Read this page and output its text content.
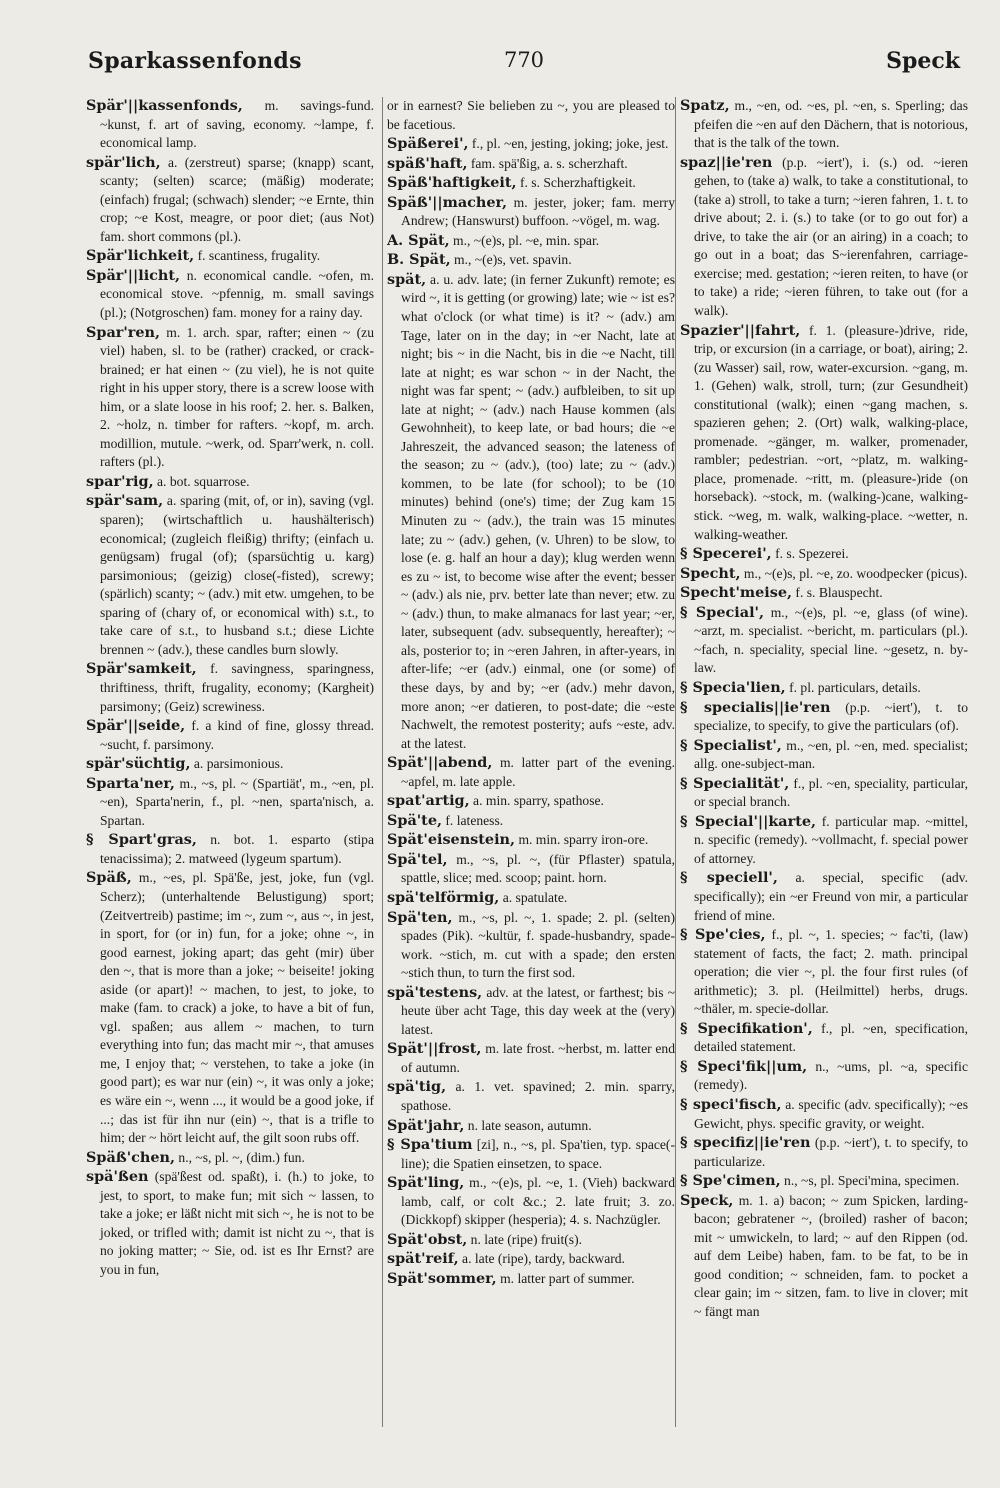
Sparkassenfonds	770	Speck

Spär'||kassenfonds, m. savings-fund. ~kunst, f. art of saving, economy. ~lampe, f. economical lamp.

spär'lich, a. (zerstreut) sparse; (knapp) scant, scanty; (selten) scarce; (mäßig) moderate; (einfach) frugal; (schwach) slender; ~e Ernte, thin crop; ~e Kost, meagre, or poor diet; (aus Not) fam. short commons (pl.).

Spär'lichkeit, f. scantiness, frugality.

Spär'||licht, n. economical candle. ~ofen, m. economical stove. ~pfennig, m. small savings (pl.); (Notgroschen) fam. money for a rainy day.

Spar'ren, m. 1. arch. spar, rafter; einen ~ (zu viel) haben, sl. to be (rather) cracked, or crack-brained; er hat einen ~ (zu viel), he is not quite right in his upper story, there is a screw loose with him, or a slate loose in his roof; 2. her. s. Balken, 2. ~holz, n. timber for rafters. ~kopf, m. arch. modillion, mutule. ~werk, od. Sparr'werk, n. coll. rafters (pl.).

spar'rig, a. bot. squarrose.

spär'sam, a. sparing (mit, of, or in), saving (vgl. sparen); (wirtschaftlich u. haushälterisch) economical; (zugleich fleißig) thrifty; (einfach u. genügsam) frugal (of); (sparsüchtig u. karg) parsimonious; (geizig) close(-fisted), screwy; (spärlich) scanty; ~ (adv.) mit etw. umgehen, to be sparing of (chary of, or economical with) s.t., to take care of s.t., to husband s.t.; diese Lichte brennen ~ (adv.), these candles burn slowly.

Spär'samkeit, f. savingness, sparingness, thriftiness, thrift, frugality, economy; (Kargheit) parsimony; (Geiz) screwiness.

Spär'||seide, f. a kind of fine, glossy thread. ~sucht, f. parsimony.

spär'süchtig, a. parsimonious.

Sparta'ner, m., ~s, pl. ~ (Spartiät', m., ~en, pl. ~en), Sparta'nerin, f., pl. ~nen, sparta'nisch, a. Spartan.

§ Spart'gras, n. bot. 1. esparto (stipa tenacissima); 2. matweed (lygeum spartum).

Späß, m., ~es, pl. Spä'ße, jest, joke, fun (vgl. Scherz); (unterhaltende Belustigung) sport; (Zeitvertreib) pastime; im ~, zum ~, aus ~, in jest, in sport, for (or in) fun, for a joke; ohne ~, in good earnest, joking apart; das geht (mir) über den ~, that is more than a joke; ~ beiseite! joking aside (or apart)! ~ machen, to jest, to joke, to make (fam. to crack) a joke, to have a bit of fun, vgl. spaßen; aus allem ~ machen, to turn everything into fun; das macht mir ~, that amuses me, I enjoy that; ~ verstehen, to take a joke (in good part); es war nur (ein) ~, it was only a joke; es wäre ein ~, wenn ..., it would be a good joke, if ...; das ist für ihn nur (ein) ~, that is a trifle to him; der ~ hört leicht auf, the gilt soon rubs off.

Späß'chen, n., ~s, pl. ~, (dim.) fun.

spä'ßen (spä'ßest od. spaßt), i. (h.) to joke, to jest, to sport, to make fun; mit sich ~ lassen, to take a joke; er läßt nicht mit sich ~, he is not to be joked, or trifled with; damit ist nicht zu ~, that is no joking matter; ~ Sie, od. ist es Ihr Ernst? are you in fun,

or in earnest? Sie belieben zu ~, you are pleased to be facetious.

Späßerei', f., pl. ~en, jesting, joking; joke, jest.

späß'haft, fam. spä'ßig, a. s. scherzhaft.

Späß'haftigkeit, f. s. Scherzhaftigkeit.

Späß'||macher, m. jester, joker; fam. merry Andrew; (Hanswurst) buffoon. ~vögel, m. wag.

A. Spät, m., ~(e)s, pl. ~e, min. spar.

B. Spät, m., ~(e)s, vet. spavin.

spät, a. u. adv. late; (in ferner Zukunft) remote; es wird ~, it is getting (or growing) late; wie ~ ist es? what o'clock (or what time) is it? ~ (adv.) am Tage, later on in the day; in ~er Nacht, late at night; bis ~ in die Nacht, bis in die ~e Nacht, till late at night; es war schon ~ in der Nacht, the night was far spent; ~ (adv.) aufbleiben, to sit up late at night; ~ (adv.) nach Hause kommen (als Gewohnheit), to keep late, or bad hours; die ~e Jahreszeit, the advanced season; the lateness of the season; zu ~ (adv.), (too) late; zu ~ (adv.) kommen, to be late (for school); to be (10 minutes) behind (one's) time; der Zug kam 15 Minuten zu ~ (adv.), the train was 15 minutes late; zu ~ (adv.) gehen, (v. Uhren) to be slow, to lose (e. g. half an hour a day); klug werden wenn es zu ~ ist, to become wise after the event; besser ~ (adv.) als nie, prv. better late than never; etw. zu ~ (adv.) thun, to make almanacs for last year; ~er, later, subsequent (adv. subsequently, hereafter); ~ als, posterior to; in ~eren Jahren, in after-years, in after-life; ~er (adv.) einmal, one (or some) of these days, by and by; ~er (adv.) mehr davon, more anon; ~er datieren, to post-date; die ~este Nachwelt, the remotest posterity; aufs ~este, adv. at the latest.

Spät'||abend, m. latter part of the evening. ~apfel, m. late apple.

spat'artig, a. min. sparry, spathose.

Spä'te, f. lateness.

Spät'eisenstein, m. min. sparry iron-ore.

Spä'tel, m., ~s, pl. ~, (für Pflaster) spatula, spattle, slice; med. scoop; paint. horn.

spä'telförmig, a. spatulate.

Spä'ten, m., ~s, pl. ~, 1. spade; 2. pl. (selten) spades (Pik). ~kultür, f. spade-husbandry, spade-work. ~stich, m. cut with a spade; den ersten ~stich thun, to turn the first sod.

spä'testens, adv. at the latest, or farthest; bis ~ heute über acht Tage, this day week at the (very) latest.

Spät'||frost, m. late frost. ~herbst, m. latter end of autumn.

spä'tig, a. 1. vet. spavined; 2. min. sparry, spathose.

Spät'jahr, n. late season, autumn.

§ Spa'tium [zi], n., ~s, pl. Spa'tien, typ. space(-line); die Spatien einsetzen, to space.

Spät'ling, m., ~(e)s, pl. ~e, 1. (Vieh) backward lamb, calf, or colt &c.; 2. late fruit; 3. zo. (Dickkopf) skipper (hesperia); 4. s. Nachzügler.

Spät'obst, n. late (ripe) fruit(s).

spät'reif, a. late (ripe), tardy, backward.

Spät'sommer, m. latter part of summer.

Spatz, m., ~en, od. ~es, pl. ~en, s. Sperling; das pfeifen die ~en auf den Dächern, that is notorious, that is the talk of the town.

spaz||ie'ren (p.p. ~iert'), i. (s.) od. ~ieren gehen, to (take a) walk, to take a constitutional, to (take a) stroll, to take a turn; ~ieren fahren, 1. t. to drive about; 2. i. (s.) to take (or to go out for) a drive, to take the air (or an airing) in a coach; to go out in a boat; das S~ierenfahren, carriage-exercise; med. gestation; ~ieren reiten, to have (or to take) a ride; ~ieren führen, to take out (for a walk).

Spazier'||fahrt, f. 1. (pleasure-)drive, ride, trip, or excursion (in a carriage, or boat), airing; 2. (zu Wasser) sail, row, water-excursion. ~gang, m. 1. (Gehen) walk, stroll, turn; (zur Gesundheit) constitutional (walk); einen ~gang machen, s. spazieren gehen; 2. (Ort) walk, walking-place, promenade. ~gänger, m. walker, promenader, rambler; pedestrian. ~ort, ~platz, m. walking-place, promenade. ~ritt, m. (pleasure-)ride (on horseback). ~stock, m. (walking-)cane, walking-stick. ~weg, m. walk, walking-place. ~wetter, n. walking-weather.

§ Specerei', f. s. Spezerei.

Specht, m., ~(e)s, pl. ~e, zo. woodpecker (picus).

Specht'meise, f. s. Blauspecht.

§ Special', m., ~(e)s, pl. ~e, glass (of wine). ~arzt, m. specialist. ~bericht, m. particulars (pl.). ~fach, n. speciality, special line. ~gesetz, n. by-law.

§ Specia'lien, f. pl. particulars, details.

§ specialis||ie'ren (p.p. ~iert'), t. to specialize, to specify, to give the particulars (of).

§ Specialist', m., ~en, pl. ~en, med. specialist; allg. one-subject-man.

§ Specialität', f., pl. ~en, speciality, particular, or special branch.

§ Special'||karte, f. particular map. ~mittel, n. specific (remedy). ~vollmacht, f. special power of attorney.

§ speciell', a. special, specific (adv. specifically); ein ~er Freund von mir, a particular friend of mine.

§ Spe'cies, f., pl. ~, 1. species; ~ fac'ti, (law) statement of facts, the fact; 2. math. principal operation; die vier ~, pl. the four first rules (of arithmetic); 3. pl. (Heilmittel) herbs, drugs. ~thäler, m. specie-dollar.

§ Specifikation', f., pl. ~en, specification, detailed statement.

§ Speci'fik||um, n., ~ums, pl. ~a, specific (remedy).

§ speci'fisch, a. specific (adv. specifically); ~es Gewicht, phys. specific gravity, or weight.

§ specifiz||ie'ren (p.p. ~iert'), t. to specify, to particularize.

§ Spe'cimen, n., ~s, pl. Speci'mina, specimen.

Speck, m. 1. a) bacon; ~ zum Spicken, larding-bacon; gebratener ~, (broiled) rasher of bacon; mit ~ umwickeln, to lard; ~ auf den Rippen (od. auf dem Leibe) haben, fam. to be fat, to be in good condition; ~ schneiden, fam. to pocket a clear gain; im ~ sitzen, fam. to live in clover; mit ~ fängt man
